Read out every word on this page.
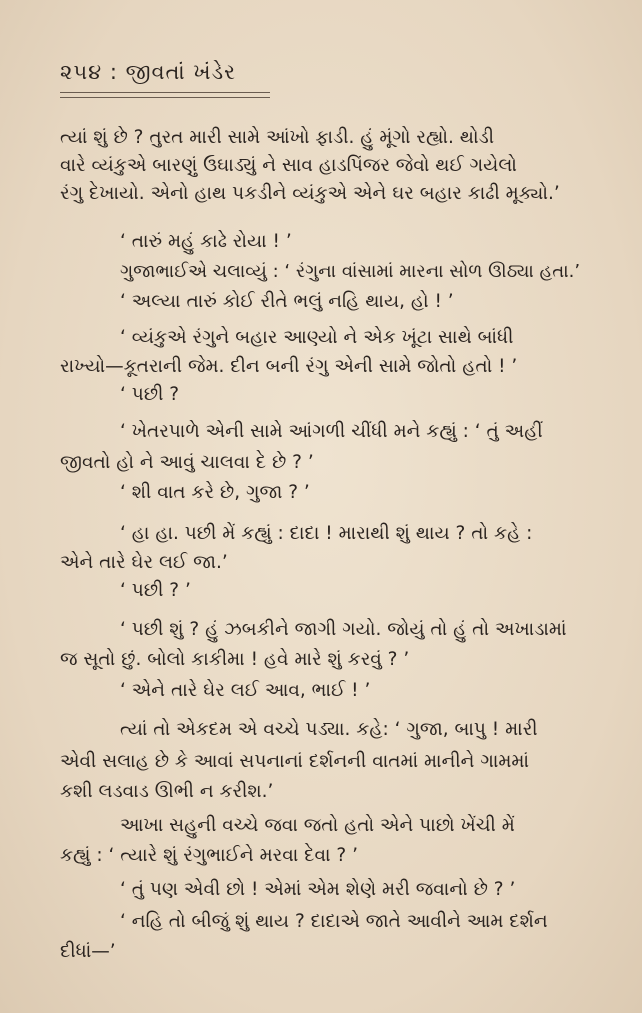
૨૫૪ : જીવતાં ખંડેર
ત્યાં શું છે ? તુરત મારી સામે આંખો ફાડી. હું મૂંગો રહ્યો. થોડી
વારે વ્યંકુએ બારણું ઉઘાડ્યું ને સાવ હાડપિંજર જેવો થઈ ગયેલો
રંગુ દેખાયો. એનો હાથ પકડીને વ્યંકુએ એને ઘર બહાર કાઢી મૂક્યો.’
‘ તારું મહું કાઢે રોયા ! ’
ગુજાભાઈએ ચલાવ્યું : ‘ રંગુના વાંસામાં મારના સોળ ઊઠ્યા હતા.’
‘ અલ્યા તારું કોઈ રીતે ભલું નહિ થાય, હો ! ’
‘ વ્યંકુએ રંગુને બહાર આણ્યો ને એક ખૂંટા સાથે બાંધી
રાખ્યો—કૂતરાની જેમ. દીન બની રંગુ એની સામે જોતો હતો ! ’
‘ પછી ?
‘ ખેતરપાળે એની સામે આંગળી ચીંધી મને કહ્યું : ‘ તું અહીં
જીવતો હો ને આવું ચાલવા દે છે ? ’
‘ શી વાત કરે છે, ગુજા ? ’
‘ હા હા. પછી મેં કહ્યું : દાદા ! મારાથી શું થાય ? તો કહે :
એને તારે ઘેર લઈ જા.’
‘ પછી ? ’
‘ પછી શું ? હું ઝબકીને જાગી ગયો. જોયું તો હું તો અખાડામાં
જ સૂતો છું. બોલો કાકીમા ! હવે મારે શું કરવું ? ’
‘ એને તારે ઘેર લઈ આવ, ભાઈ ! ’
ત્યાં તો એકદમ એ વચ્ચે પડ્યા. કહે: ‘ ગુજા, બાપુ ! મારી
એવી સલાહ છે કે આવાં સપનાનાં દર્શનની વાતમાં માનીને ગામમાં
કશી લડવાડ ઊભી ન કરીશ.’
આખા સહુની વચ્ચે જવા જતો હતો એને પાછો ખેંચી મેં
કહ્યું : ‘ ત્યારે શું રંગુભાઈને મરવા દેવા ? ’
‘ તું પણ એવી છો ! એમાં એમ શેણે મરી જવાનો છે ? ’
‘ નહિ તો બીજું શું થાય ? દાદાએ જાતે આવીને આમ દર્શન
દીધાં—’
